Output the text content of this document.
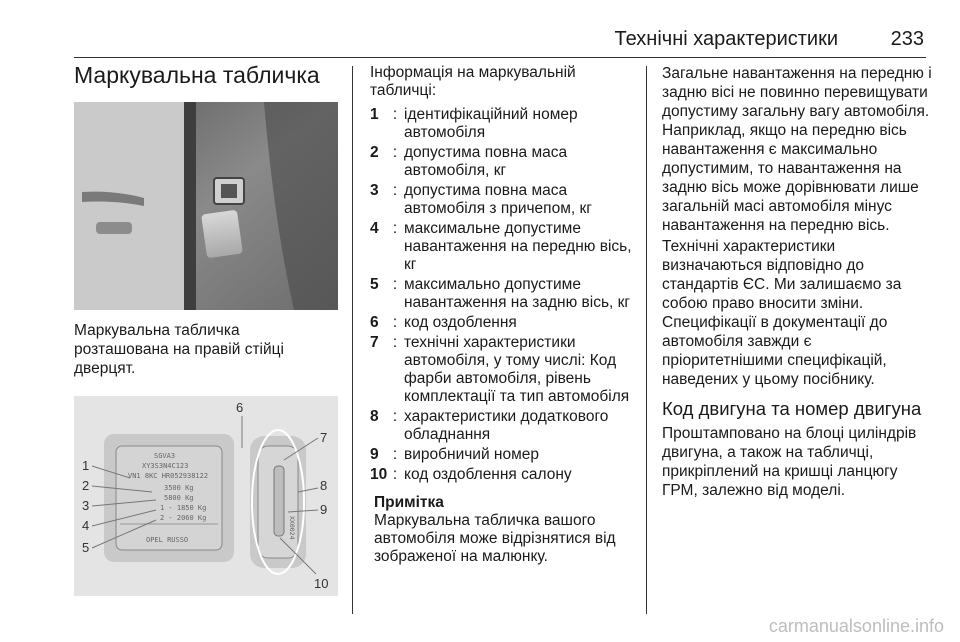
Технічні характеристики	233
Маркувальна табличка
Маркувальна табличка розташована на правій стійці дверцят.
SGVA3
XY3S3N4C123
VN1 8KC HR052938122
3500 Kg
5800 Kg
1 - 1850 Kg
2 - 2060 Kg
OPEL RUSSO
XX0024
1
2
3
4
5
6
7
8
9
10
Інформація на маркувальній табличці:
1 : ідентифікаційний номер автомобіля
2 : допустима повна маса автомобіля, кг
3 : допустима повна маса автомобіля з причепом, кг
4 : максимальне допустиме навантаження на передню вісь, кг
5 : максимально допустиме навантаження на задню вісь, кг
6 : код оздоблення
7 : технічні характеристики автомобіля, у тому числі: Код фарби автомобіля, рівень комплектації та тип автомобіля
8 : характеристики додаткового обладнання
9 : виробничий номер
10 : код оздоблення салону
Примітка
Маркувальна табличка вашого автомобіля може відрізнятися від зображеної на малюнку.

Загальне навантаження на передню і задню вісі не повинно перевищувати допустиму загальну вагу автомобіля. Наприклад, якщо на передню вісь навантаження є максимально допустимим, то навантаження на задню вісь може дорівнювати лише загальній масі автомобіля мінус навантаження на передню вісь.

Технічні характеристики визначаються відповідно до стандартів ЄС. Ми залишаємо за собою право вносити зміни. Специфікації в документації до автомобіля завжди є пріоритетнішими специфікацій, наведених у цьому посібнику.

Код двигуна та номер двигуна

Проштамповано на блоці циліндрів двигуна, а також на табличці, прикріплений на кришці ланцюгу ГРМ, залежно від моделі.

carmanualsonline.info
